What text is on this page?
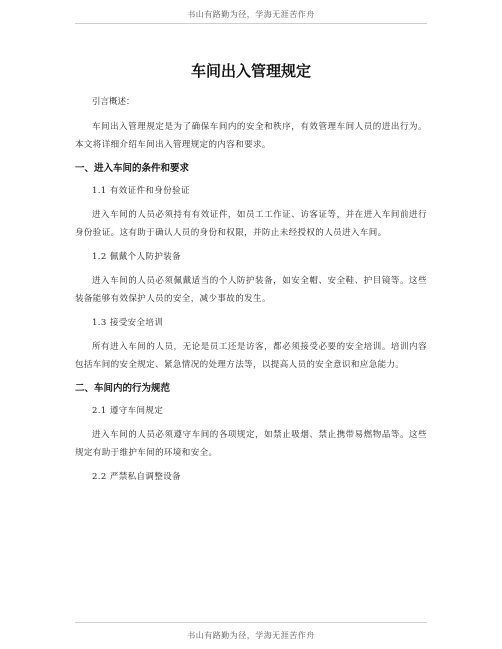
书山有路勤为径，学海无涯苦作舟
车间出入管理规定
引言概述：

车间出入管理规定是为了确保车间内的安全和秩序，有效管理车间人员的进出行为。本文将详细介绍车间出入管理规定的内容和要求。

一、进入车间的条件和要求
1.1 有效证件和身份验证

进入车间的人员必须持有有效证件，如员工工作证、访客证等，并在进入车间前进行身份验证。这有助于确认人员的身份和权限，并防止未经授权的人员进入车间。

1.2 佩戴个人防护装备

进入车间的人员必须佩戴适当的个人防护装备，如安全帽、安全鞋、护目镜等。这些装备能够有效保护人员的安全，减少事故的发生。

1.3 接受安全培训

所有进入车间的人员，无论是员工还是访客，都必须接受必要的安全培训。培训内容包括车间的安全规定、紧急情况的处理方法等，以提高人员的安全意识和应急能力。

二、车间内的行为规范
2.1 遵守车间规定

进入车间的人员必须遵守车间的各项规定，如禁止吸烟、禁止携带易燃物品等。这些规定有助于维护车间的环境和安全。

2.2 严禁私自调整设备
书山有路勤为径，学海无涯苦作舟
